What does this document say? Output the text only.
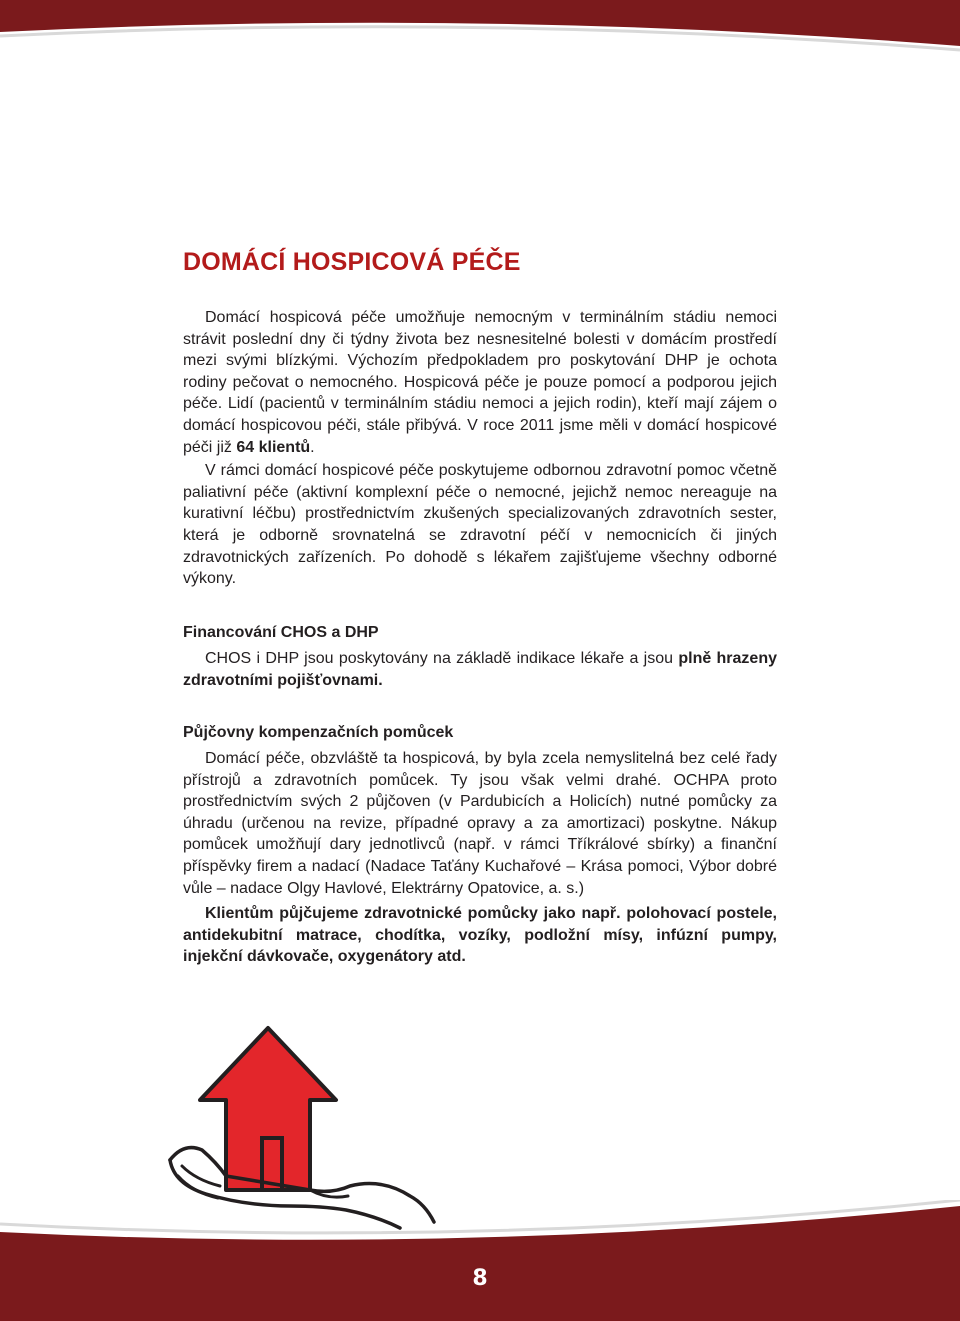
DOMÁCÍ HOSPICOVÁ PÉČE

Domácí hospicová péče umožňuje nemocným v terminálním stádiu nemoci strávit poslední dny či týdny života bez nesnesitelné bolesti v domácím prostředí mezi svými blízkými. Výchozím předpokladem pro poskytování DHP je ochota rodiny pečovat o nemocného. Hospicová péče je pouze pomocí a podporou jejich péče. Lidí (pacientů v terminálním stádiu nemoci a jejich rodin), kteří mají zájem o domácí hospicovou péči, stále přibývá. V roce 2011 jsme měli v domácí hospicové péči již 64 klientů.

V rámci domácí hospicové péče poskytujeme odbornou zdravotní pomoc včetně paliativní péče (aktivní komplexní péče o nemocné, jejichž nemoc nereaguje na kurativní léčbu) prostřednictvím zkušených specializovaných zdravotních sester, která je odborně srovnatelná se zdravotní péčí v nemocnicích či jiných zdravotnických zařízeních. Po dohodě s lékařem zajišťujeme všechny odborné výkony.

Financování CHOS a DHP

CHOS i DHP jsou poskytovány na základě indikace lékaře a jsou plně hrazeny zdravotními pojišťovnami.

Půjčovny kompenzačních pomůcek

Domácí péče, obzvláště ta hospicová, by byla zcela nemyslitelná bez celé řady přístrojů a zdravotních pomůcek. Ty jsou však velmi drahé. OCHPA proto prostřednictvím svých 2 půjčoven (v Pardubicích a Holicích) nutné pomůcky za úhradu (určenou na revize, případné opravy a za amortizaci) poskytne. Nákup pomůcek umožňují dary jednotlivců (např. v rámci Tříkrálové sbírky) a finanční příspěvky firem a nadací (Nadace Taťány Kuchařové – Krása pomoci, Výbor dobré vůle – nadace Olgy Havlové, Elektrárny Opatovice, a. s.)

Klientům půjčujeme zdravotnické pomůcky jako např. polohovací postele, antidekubitní matrace, chodítka, vozíky, podložní mísy, infúzní pumpy, injekční dávkovače, oxygenátory atd.

8
